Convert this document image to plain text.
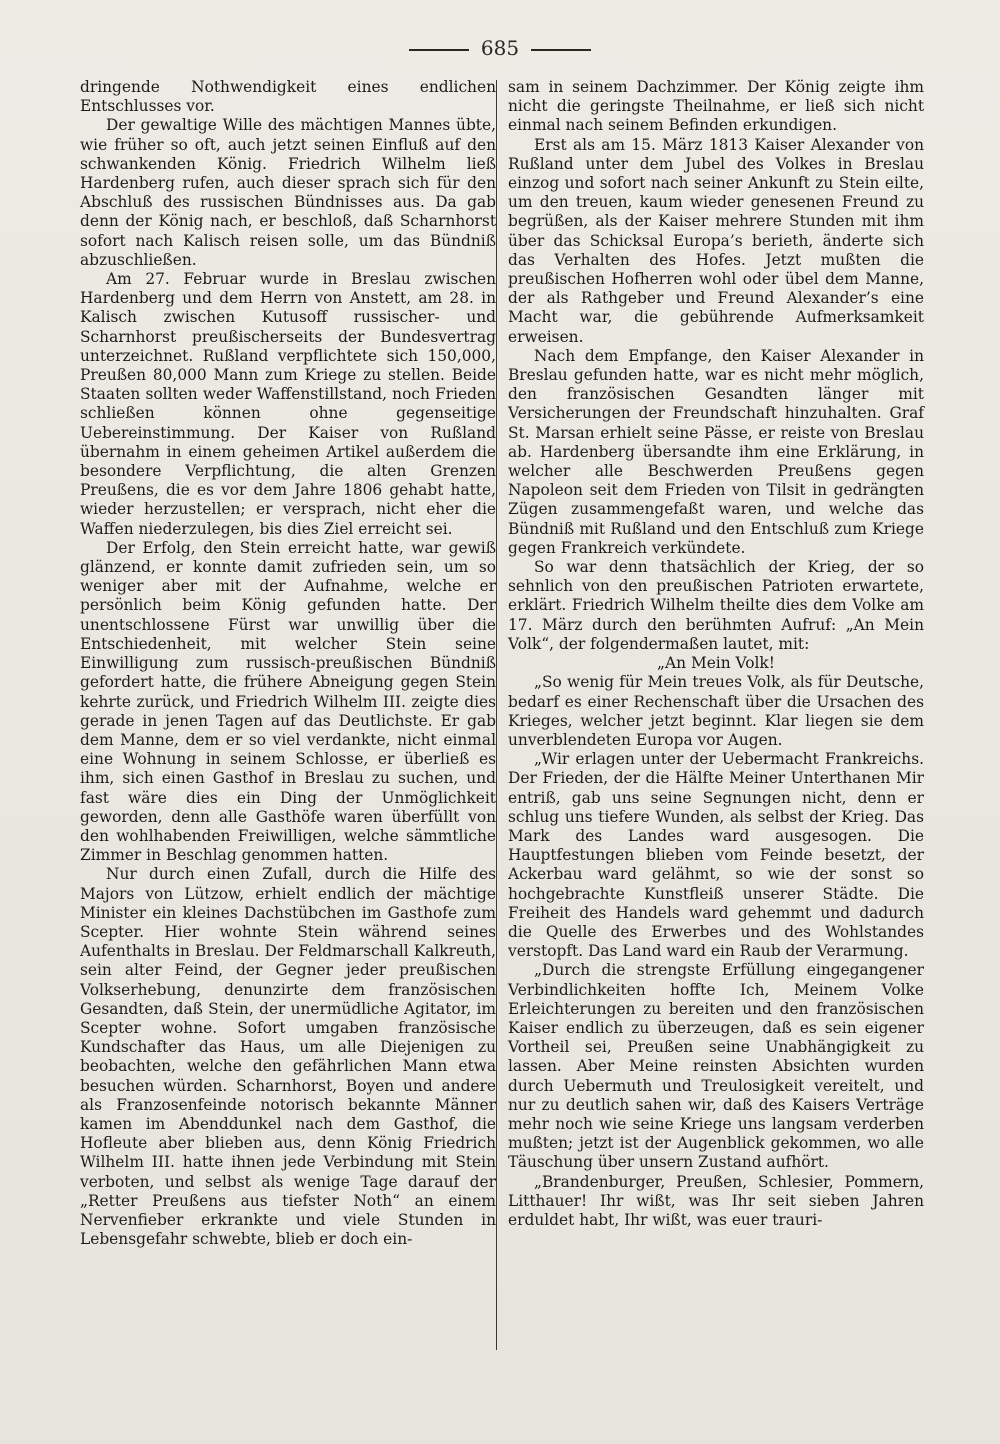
685

dringende Nothwendigkeit eines endlichen Entschlusses vor.

Der gewaltige Wille des mächtigen Mannes übte, wie früher so oft, auch jetzt seinen Einfluß auf den schwankenden König. Friedrich Wilhelm ließ Hardenberg rufen, auch dieser sprach sich für den Abschluß des russischen Bündnisses aus. Da gab denn der König nach, er beschloß, daß Scharnhorst sofort nach Kalisch reisen solle, um das Bündniß abzuschließen.

Am 27. Februar wurde in Breslau zwischen Hardenberg und dem Herrn von Anstett, am 28. in Kalisch zwischen Kutusoff russischer- und Scharnhorst preußischerseits der Bundesvertrag unterzeichnet. Rußland verpflichtete sich 150,000, Preußen 80,000 Mann zum Kriege zu stellen. Beide Staaten sollten weder Waffenstillstand, noch Frieden schließen können ohne gegenseitige Uebereinstimmung. Der Kaiser von Rußland übernahm in einem geheimen Artikel außerdem die besondere Verpflichtung, die alten Grenzen Preußens, die es vor dem Jahre 1806 gehabt hatte, wieder herzustellen; er versprach, nicht eher die Waffen niederzulegen, bis dies Ziel erreicht sei.

Der Erfolg, den Stein erreicht hatte, war gewiß glänzend, er konnte damit zufrieden sein, um so weniger aber mit der Aufnahme, welche er persönlich beim König gefunden hatte. Der unentschlossene Fürst war unwillig über die Entschiedenheit, mit welcher Stein seine Einwilligung zum russisch-preußischen Bündniß gefordert hatte, die frühere Abneigung gegen Stein kehrte zurück, und Friedrich Wilhelm III. zeigte dies gerade in jenen Tagen auf das Deutlichste. Er gab dem Manne, dem er so viel verdankte, nicht einmal eine Wohnung in seinem Schlosse, er überließ es ihm, sich einen Gasthof in Breslau zu suchen, und fast wäre dies ein Ding der Unmöglichkeit geworden, denn alle Gasthöfe waren überfüllt von den wohlhabenden Freiwilligen, welche sämmtliche Zimmer in Beschlag genommen hatten.

Nur durch einen Zufall, durch die Hilfe des Majors von Lützow, erhielt endlich der mächtige Minister ein kleines Dachstübchen im Gasthofe zum Scepter. Hier wohnte Stein während seines Aufenthalts in Breslau. Der Feldmarschall Kalkreuth, sein alter Feind, der Gegner jeder preußischen Volkserhebung, denunzirte dem französischen Gesandten, daß Stein, der unermüdliche Agitator, im Scepter wohne. Sofort umgaben französische Kundschafter das Haus, um alle Diejenigen zu beobachten, welche den gefährlichen Mann etwa besuchen würden. Scharnhorst, Boyen und andere als Franzosenfeinde notorisch bekannte Männer kamen im Abenddunkel nach dem Gasthof, die Hofleute aber blieben aus, denn König Friedrich Wilhelm III. hatte ihnen jede Verbindung mit Stein verboten, und selbst als wenige Tage darauf der „Retter Preußens aus tiefster Noth“ an einem Nervenfieber erkrankte und viele Stunden in Lebensgefahr schwebte, blieb er doch ein-

sam in seinem Dachzimmer. Der König zeigte ihm nicht die geringste Theilnahme, er ließ sich nicht einmal nach seinem Befinden erkundigen.

Erst als am 15. März 1813 Kaiser Alexander von Rußland unter dem Jubel des Volkes in Breslau einzog und sofort nach seiner Ankunft zu Stein eilte, um den treuen, kaum wieder genesenen Freund zu begrüßen, als der Kaiser mehrere Stunden mit ihm über das Schicksal Europa’s berieth, änderte sich das Verhalten des Hofes. Jetzt mußten die preußischen Hofherren wohl oder übel dem Manne, der als Rathgeber und Freund Alexander’s eine Macht war, die gebührende Aufmerksamkeit erweisen.

Nach dem Empfange, den Kaiser Alexander in Breslau gefunden hatte, war es nicht mehr möglich, den französischen Gesandten länger mit Versicherungen der Freundschaft hinzuhalten. Graf St. Marsan erhielt seine Pässe, er reiste von Breslau ab. Hardenberg übersandte ihm eine Erklärung, in welcher alle Beschwerden Preußens gegen Napoleon seit dem Frieden von Tilsit in gedrängten Zügen zusammengefaßt waren, und welche das Bündniß mit Rußland und den Entschluß zum Kriege gegen Frankreich verkündete.

So war denn thatsächlich der Krieg, der so sehnlich von den preußischen Patrioten erwartete, erklärt. Friedrich Wilhelm theilte dies dem Volke am 17. März durch den berühmten Aufruf: „An Mein Volk“, der folgendermaßen lautet, mit:

„An Mein Volk!

„So wenig für Mein treues Volk, als für Deutsche, bedarf es einer Rechenschaft über die Ursachen des Krieges, welcher jetzt beginnt. Klar liegen sie dem unverblendeten Europa vor Augen.

„Wir erlagen unter der Uebermacht Frankreichs. Der Frieden, der die Hälfte Meiner Unterthanen Mir entriß, gab uns seine Segnungen nicht, denn er schlug uns tiefere Wunden, als selbst der Krieg. Das Mark des Landes ward ausgesogen. Die Hauptfestungen blieben vom Feinde besetzt, der Ackerbau ward gelähmt, so wie der sonst so hochgebrachte Kunstfleiß unserer Städte. Die Freiheit des Handels ward gehemmt und dadurch die Quelle des Erwerbes und des Wohlstandes verstopft. Das Land ward ein Raub der Verarmung.

„Durch die strengste Erfüllung eingegangener Verbindlichkeiten hoffte Ich, Meinem Volke Erleichterungen zu bereiten und den französischen Kaiser endlich zu überzeugen, daß es sein eigener Vortheil sei, Preußen seine Unabhängigkeit zu lassen. Aber Meine reinsten Absichten wurden durch Uebermuth und Treulosigkeit vereitelt, und nur zu deutlich sahen wir, daß des Kaisers Verträge mehr noch wie seine Kriege uns langsam verderben mußten; jetzt ist der Augenblick gekommen, wo alle Täuschung über unsern Zustand aufhört.

„Brandenburger, Preußen, Schlesier, Pommern, Litthauer! Ihr wißt, was Ihr seit sieben Jahren erduldet habt, Ihr wißt, was euer trauri-
